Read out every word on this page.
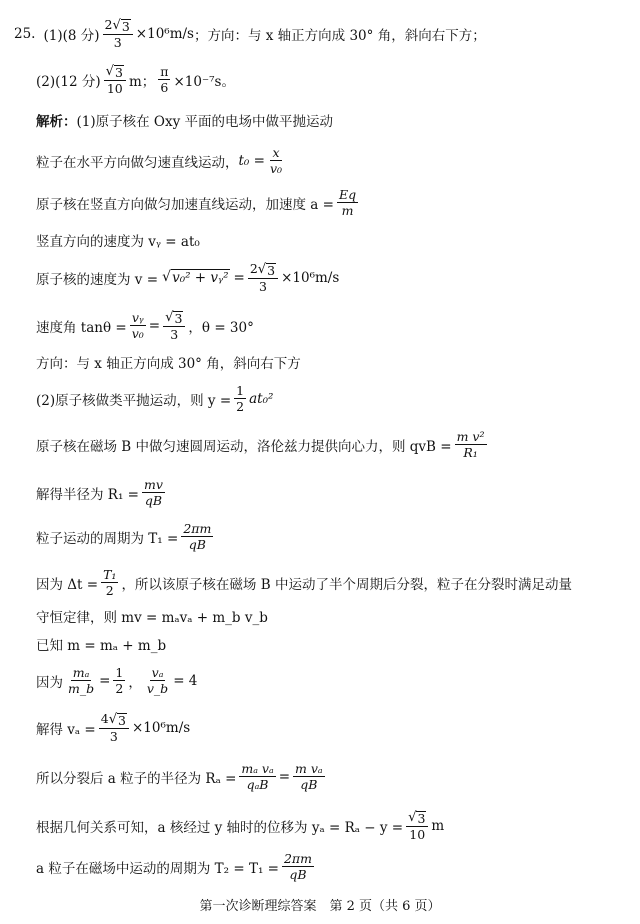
25. (1)(8 分) $\frac{2 √ 3}{3} \times 10^6m/s$ ；方向：与 x 轴正方向成 30° 角，斜向右下方；
(2)(12 分) $\frac{√ 3}{10}$ m； $\frac{\pi}{6} \times 10^{-7}s$。
解析： (1)原子核在 Oxy 平面的电场中做平抛运动
粒子在水平方向做匀速直线运动， $t_0 = \frac{x}{\text{v₀}}$
原子核在竖直方向做匀加速直线运动，加速度 $a = \frac{Eq}{m}$
竖直方向的速度为 vᵧ = at₀
原子核的速度为 v = √ v₀² + vᵧ² = $\frac{2 √ 3}{3} \times 10^6m/s$
速度角 $\tan\theta = \frac{\text{vᵧ}}{\text{v₀}} = \frac{√ 3}{3}$ ，θ = 30°
方向：与 x 轴正方向成 30° 角，斜向右下方
(2)原子核做类平抛运动，则 $y = \frac{1}{2} at_0^2$
原子核在磁场 B 中做匀速圆周运动，洛伦兹力提供向心力，则 qvB = $\frac{\text{m v²}}{\text{R₁}}$
解得半径为 $R_1 = \frac{mv}{qB}$
粒子运动的周期为 $T_1 = \frac{2\pi m}{qB}$
因为 $\Delta t = \frac{\text{T₁}}{2}$ ，所以该原子核在磁场 B 中运动了半个周期后分裂，粒子在分裂时满足动量
守恒定律，则 mv = mₐvₐ + m_b v_b
已知 m = mₐ + m_b
因为 $\frac{\text{mₐ}}{m\_b} = \frac{1}{2}$ ， $\frac{\text{vₐ}}{v\_b} = 4$
解得 $v_a = \frac{4 √ 3}{3} \times 10^6m/s$
所以分裂后 a 粒子的半径为 $R_a = \frac{\text{mₐ vₐ}}{\text{qₐB}} = \frac{\text{m vₐ}}{qB}$
根据几何关系可知，a 核经过 y 轴时的位移为 $y_a = R_a - y = \frac{√ 3}{10}$ m
a 粒子在磁场中运动的周期为 $T_2 = T_1 = \frac{2\pi m}{qB}$
第一次诊断理综答案　第 2 页（共 6 页）
